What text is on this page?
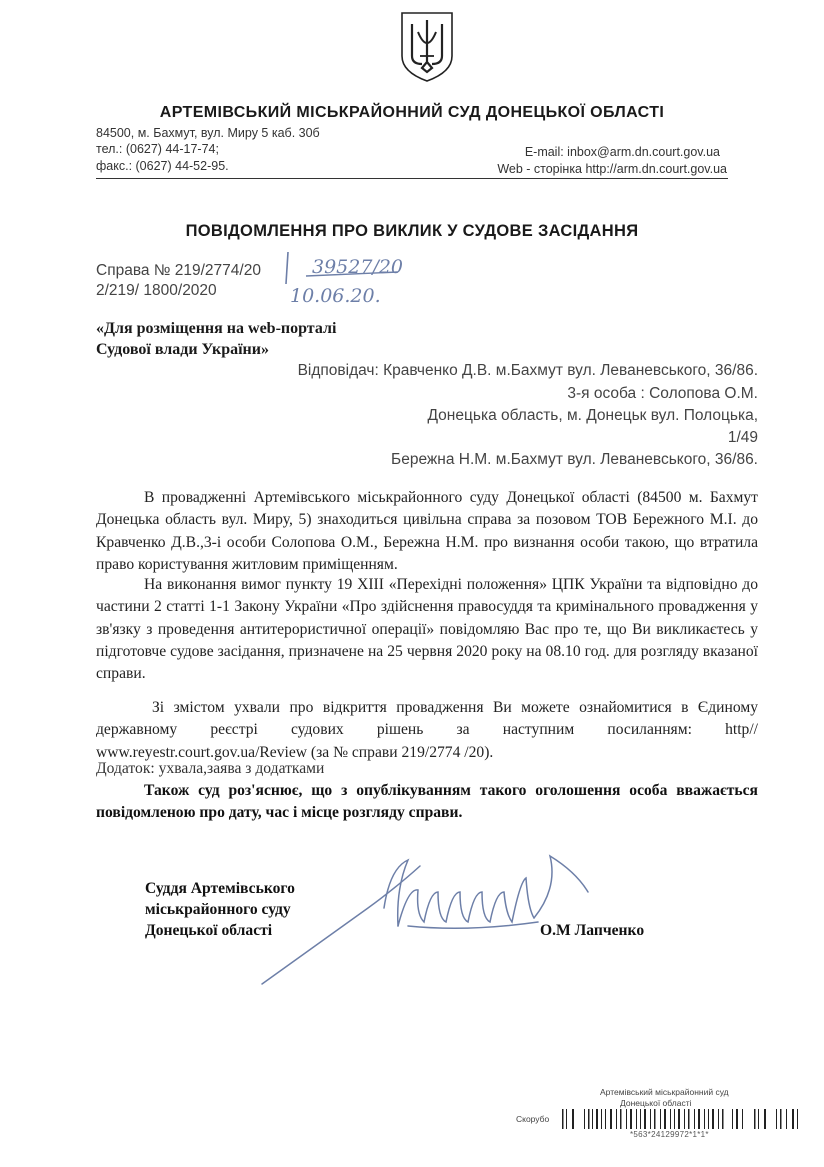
АРТЕМІВСЬКИЙ МІСЬКРАЙОННИЙ СУД ДОНЕЦЬКОЇ ОБЛАСТІ
84500, м. Бахмут, вул. Миру 5 каб. 30б
тел.: (0627) 44-17-74;
факс.: (0627) 44-52-95.
E-mail: inbox@arm.dn.court.gov.ua
Web - сторінка http://arm.dn.court.gov.ua
ПОВІДОМЛЕННЯ ПРО ВИКЛИК У СУДОВЕ ЗАСІДАННЯ
Справа № 219/2774/20
2/219/ 1800/2020
39527/20
10.06.20.
«Для розміщення на web-порталі
Судової влади України»
Відповідач: Кравченко Д.В. м.Бахмут вул. Леваневського, 36/86.
3-я особа : Солопова О.М.
Донецька область, м. Донецьк вул. Полоцька,
1/49
Бережна Н.М. м.Бахмут вул. Леваневського, 36/86.
В провадженні Артемівського міськрайонного суду Донецької області (84500 м. Бахмут Донецька область вул. Миру, 5) знаходиться цивільна справа за позовом ТОВ Бережного М.І. до Кравченко Д.В.,3-і особи Солопова О.М., Бережна Н.М. про визнання особи такою, що втратила право користування житловим приміщенням.
На виконання вимог пункту 19 XIII «Перехідні положення» ЦПК України та відповідно до частини 2 статті 1-1 Закону України «Про здійснення правосуддя та кримінального провадження у зв'язку з проведення антитерористичної операції» повідомляю Вас про те, що Ви викликаєтесь у підготовче судове засідання, призначене на 25 червня 2020 року на 08.10 год. для розгляду вказаної справи.
Зі змістом ухвали про відкриття провадження Ви можете ознайомитися в Єдиному державному реєстрі судових рішень за наступним посиланням: http// www.reyestr.court.gov.ua/Review (за № справи 219/2774 /20).
Додаток: ухвала,заява з додатками
Також суд роз'яснює, що з опублікуванням такого оголошення особа вважається повідомленою про дату, час і місце розгляду справи.
Суддя Артемівського
міськрайонного суду
Донецької області	О.М Лапченко
Артемівський міськрайонний суд
Донецької області
Скорубо
*563*24129972*1*1*
